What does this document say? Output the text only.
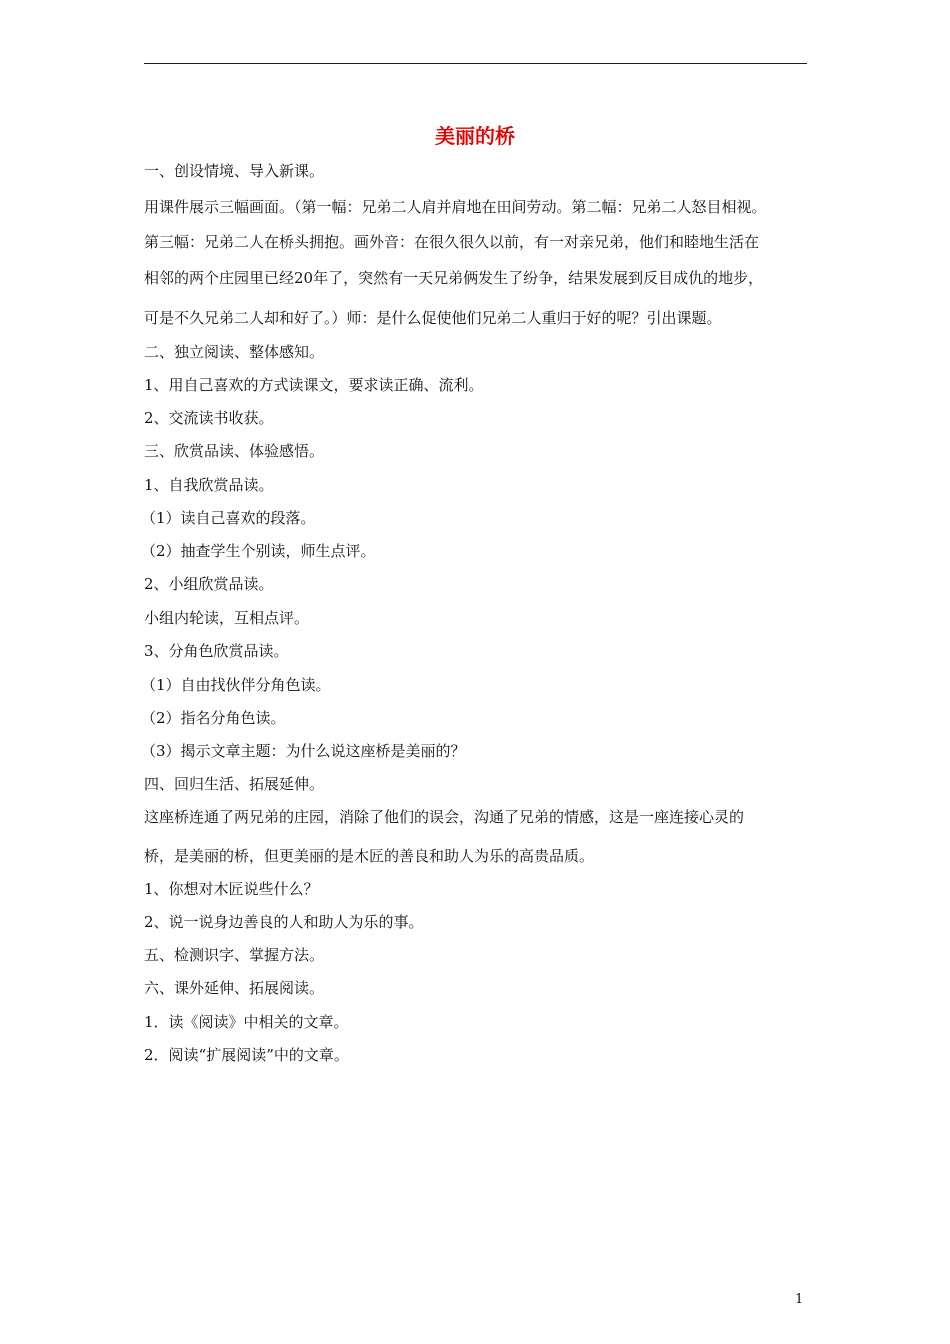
美丽的桥
一、创设情境、导入新课。
用课件展示三幅画面。（第一幅：兄弟二人肩并肩地在田间劳动。第二幅：兄弟二人怒目相视。
第三幅：兄弟二人在桥头拥抱。画外音：在很久很久以前，有一对亲兄弟，他们和睦地生活在
相邻的两个庄园里已经20年了，突然有一天兄弟俩发生了纷争，结果发展到反目成仇的地步，
可是不久兄弟二人却和好了。）师：是什么促使他们兄弟二人重归于好的呢？引出课题。
二、独立阅读、整体感知。
1、用自己喜欢的方式读课文，要求读正确、流利。
2、交流读书收获。
三、欣赏品读、体验感悟。
1、自我欣赏品读。
（1）读自己喜欢的段落。
（2）抽查学生个别读，师生点评。
2、小组欣赏品读。
小组内轮读，互相点评。
3、分角色欣赏品读。
（1）自由找伙伴分角色读。
（2）指名分角色读。
（3）揭示文章主题：为什么说这座桥是美丽的？
四、回归生活、拓展延伸。
这座桥连通了两兄弟的庄园，消除了他们的误会，沟通了兄弟的情感，这是一座连接心灵的
桥，是美丽的桥，但更美丽的是木匠的善良和助人为乐的高贵品质。
1、你想对木匠说些什么？
2、说一说身边善良的人和助人为乐的事。
五、检测识字、掌握方法。
六、课外延伸、拓展阅读。
1．读《阅读》中相关的文章。
2．阅读“扩展阅读”中的文章。
1
